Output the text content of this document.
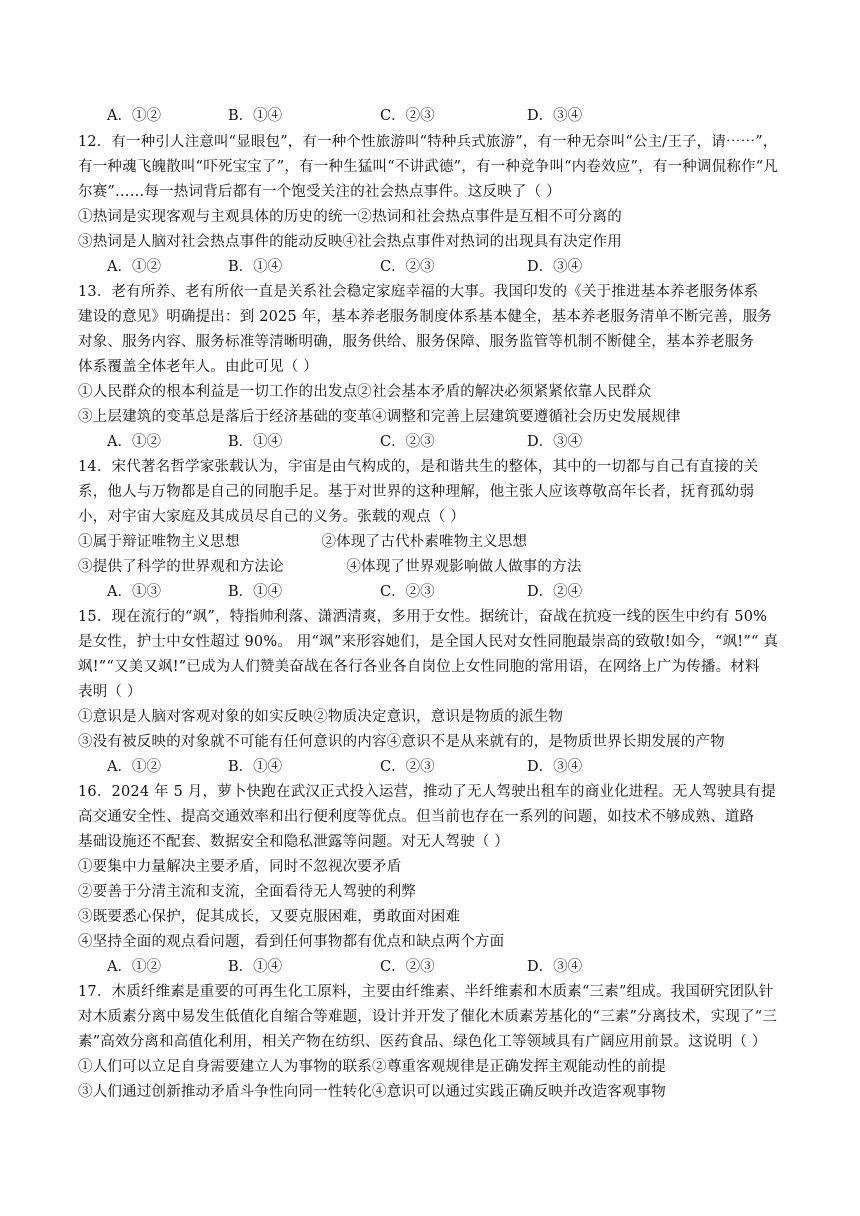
A．①②	B．①④	C．②③	D．③④
12．有一种引人注意叫“显眼包”，有一种个性旅游叫“特种兵式旅游”，有一种无奈叫“公主/王子，请⋯⋯”，
有一种魂飞魄散叫“吓死宝宝了”，有一种生猛叫“不讲武德”，有一种竞争叫“内卷效应”，有一种调侃称作“凡
尔赛”……每一热词背后都有一个饱受关注的社会热点事件。这反映了（ ）
①热词是实现客观与主观具体的历史的统一②热词和社会热点事件是互相不可分离的
③热词是人脑对社会热点事件的能动反映④社会热点事件对热词的出现具有决定作用
A．①②	B．①④	C．②③	D．③④
13．老有所养、老有所依一直是关系社会稳定家庭幸福的大事。我国印发的《关于推进基本养老服务体系
建设的意见》明确提出：到 2025 年，基本养老服务制度体系基本健全，基本养老服务清单不断完善，服务
对象、服务内容、服务标准等清晰明确，服务供给、服务保障、服务监管等机制不断健全，基本养老服务
体系覆盖全体老年人。由此可见（ ）
①人民群众的根本利益是一切工作的出发点②社会基本矛盾的解决必须紧紧依靠人民群众
③上层建筑的变革总是落后于经济基础的变革④调整和完善上层建筑要遵循社会历史发展规律
A．①②	B．①④	C．②③	D．③④
14．宋代著名哲学家张载认为，宇宙是由气构成的，是和谐共生的整体，其中的一切都与自己有直接的关
系，他人与万物都是自己的同胞手足。基于对世界的这种理解，他主张人应该尊敬高年长者，抚育孤幼弱
小，对宇宙大家庭及其成员尽自己的义务。张载的观点（ ）
①属于辩证唯物主义思想                 ②体现了古代朴素唯物主义思想
③提供了科学的世界观和方法论             ④体现了世界观影响做人做事的方法
A．①③	B．①④	C．②③	D．②④
15．现在流行的“飒”，特指帅利落、潇洒清爽，多用于女性。据统计，奋战在抗疫一线的医生中约有 50%
是女性，护士中女性超过 90%。 用“飒”来形容她们，是全国人民对女性同胞最崇高的致敬!如今，“飒!”“ 真
飒!”“又美又飒!”已成为人们赞美奋战在各行各业各自岗位上女性同胞的常用语，在网络上广为传播。材料
表明（ ）
①意识是人脑对客观对象的如实反映②物质决定意识，意识是物质的派生物
③没有被反映的对象就不可能有任何意识的内容④意识不是从来就有的，是物质世界长期发展的产物
A．①②	B．①④	C．②③	D．③④
16．2024 年 5 月，萝卜快跑在武汉正式投入运营，推动了无人驾驶出租车的商业化进程。无人驾驶具有提
高交通安全性、提高交通效率和出行便利度等优点。但当前也存在一系列的问题，如技术不够成熟、道路
基础设施还不配套、数据安全和隐私泄露等问题。对无人驾驶（ ）
①要集中力量解决主要矛盾，同时不忽视次要矛盾
②要善于分清主流和支流，全面看待无人驾驶的利弊
③既要悉心保护，促其成长，又要克服困难，勇敢面对困难
④坚持全面的观点看问题，看到任何事物都有优点和缺点两个方面
A．①②	B．①④	C．②③	D．③④
17．木质纤维素是重要的可再生化工原料，主要由纤维素、半纤维素和木质素“三素”组成。我国研究团队针
对木质素分离中易发生低值化自缩合等难题，设计并开发了催化木质素芳基化的“三素”分离技术，实现了“三
素”高效分离和高值化利用，相关产物在纺织、医药食品、绿色化工等领域具有广阔应用前景。这说明（ ）
①人们可以立足自身需要建立人为事物的联系②尊重客观规律是正确发挥主观能动性的前提
③人们通过创新推动矛盾斗争性向同一性转化④意识可以通过实践正确反映并改造客观事物
